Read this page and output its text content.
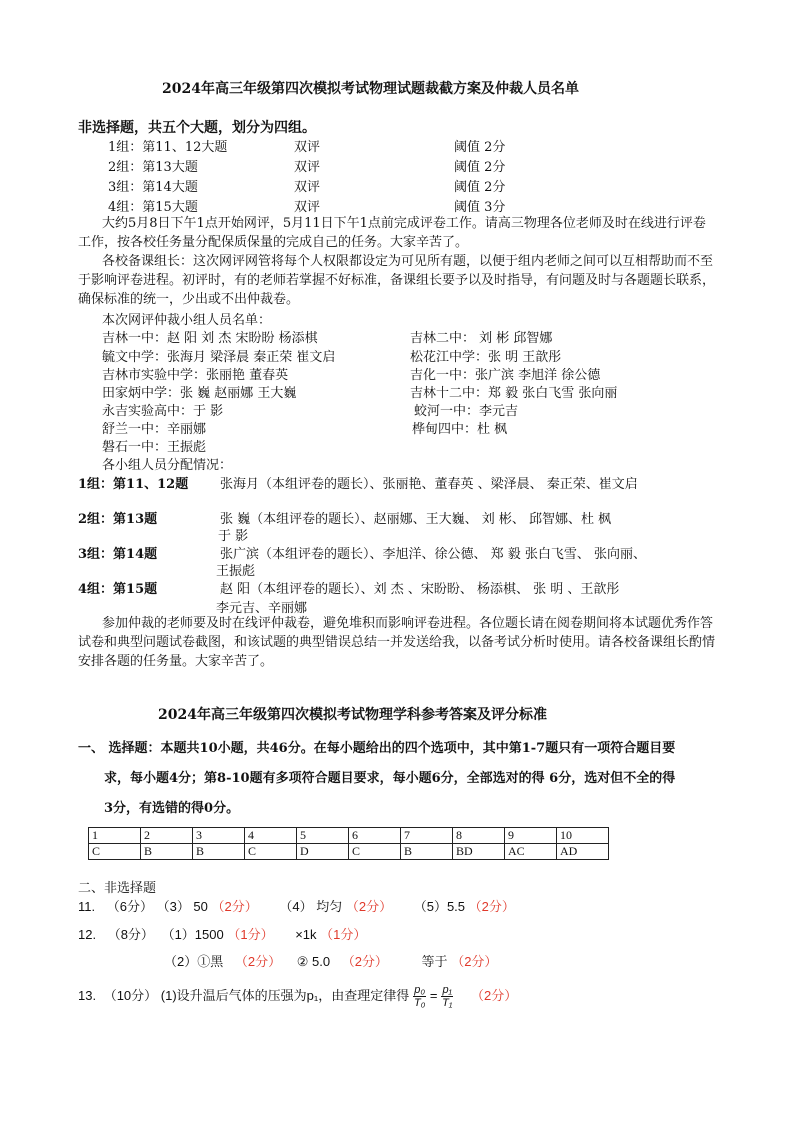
2024年高三年级第四次模拟考试物理试题裁截方案及仲裁人员名单
非选择题，共五个大题，划分为四组。
1组：第11、12大题	双评	阈值 2分
2组：第13大题	双评	阈值 2分
3组：第14大题	双评	阈值 2分
4组：第15大题	双评	阈值 3分
大约5月8日下午1点开始网评，5月11日下午1点前完成评卷工作。请高三物理各位老师及时在线进行评卷工作，按各校任务量分配保质保量的完成自己的任务。大家辛苦了。
各校备课组长：这次网评网管将每个人权限都设定为可见所有题，以便于组内老师之间可以互相帮助而不至于影响评卷进程。初评时，有的老师若掌握不好标准，备课组长要予以及时指导，有问题及时与各题题长联系，确保标准的统一，少出或不出仲裁卷。
本次网评仲裁小组人员名单：
吉林一中：赵 阳 刘 杰 宋盼盼 杨添棋	吉林二中： 刘 彬 邱智娜
毓文中学：张海月 梁泽晨 秦正荣 崔文启	松花江中学：张 明 王歆彤
吉林市实验中学：张丽艳 董春英	吉化一中：张广滨 李旭洋 徐公德
田家炳中学：张 巍 赵丽娜 王大巍	吉林十二中：郑 毅 张白飞雪 张向丽
永吉实验高中：于 影	蛟河一中：李元吉
舒兰一中：辛丽娜	桦甸四中：杜 枫
磐石一中：王振彪
各小组人员分配情况：
1组：第11、12题 张海月（本组评卷的题长）、张丽艳、董春英 、梁泽晨、 秦正荣、崔文启
2组：第13题	张 巍（本组评卷的题长）、赵丽娜、王大巍、 刘 彬、 邱智娜、杜 枫
于 影
3组：第14题	张广滨（本组评卷的题长）、李旭洋、徐公德、 郑 毅 张白飞雪、 张向丽、
王振彪
4组：第15题	赵 阳（本组评卷的题长）、刘 杰 、宋盼盼、 杨添棋、 张 明 、王歆彤
李元吉、辛丽娜
参加仲裁的老师要及时在线评仲裁卷，避免堆积而影响评卷进程。各位题长请在阅卷期间将本试题优秀作答试卷和典型问题试卷截图，和该试题的典型错误总结一并发送给我，以备考试分析时使用。请各校备课组长酌情安排各题的任务量。大家辛苦了。
2024年高三年级第四次模拟考试物理学科参考答案及评分标准
一、 选择题：本题共10小题，共46分。在每小题给出的四个选项中，其中第1-7题只有一项符合题目要
求，每小题4分；第8-10题有多项符合题目要求，每小题6分，全部选对的得 6分，选对但不全的得
3分，有选错的得0分。
1	2	3	4	5	6	7	8	9	10
C	B	B	C	D	C	B	BD	AC	AD
二、非选择题
11. （6分） （3） 50 （2分） （4） 均匀 （2分） （5）5.5 （2分）
12. （8分） （1）1500 （1分） ×1k （1分）
（2）①黑 （2分） ② 5.0 （2分）	等于 （2分）
13. （10分） (1)设升温后气体的压强为p₁，由查理定律得 $\frac{\text{p₀}}{\text{T₀}} = \frac{\text{p₁}}{\text{T₁}} (2$分）
